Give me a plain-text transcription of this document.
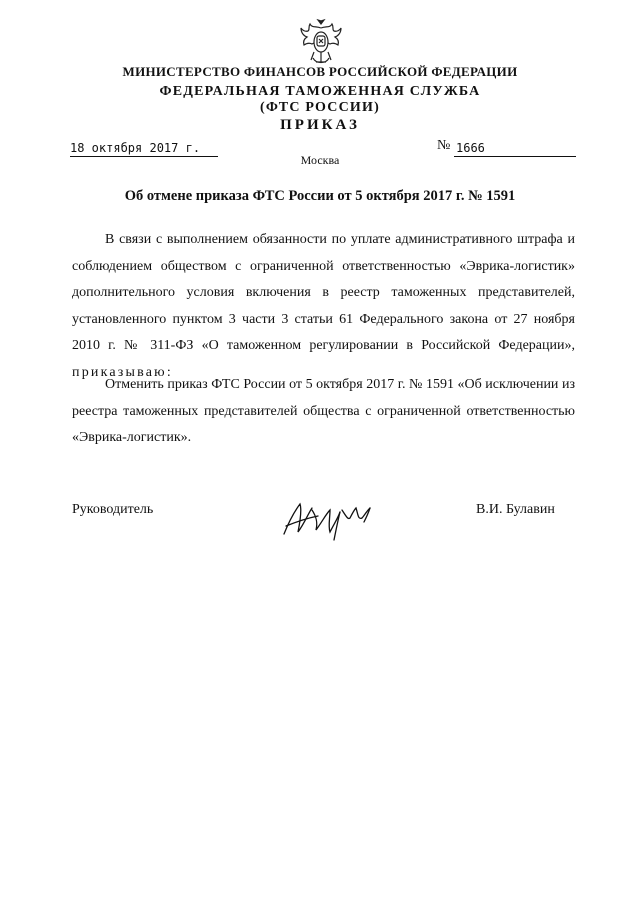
МИНИСТЕРСТВО ФИНАНСОВ РОССИЙСКОЙ ФЕДЕРАЦИИ
ФЕДЕРАЛЬНАЯ ТАМОЖЕННАЯ СЛУЖБА
(ФТС РОССИИ)
ПРИКАЗ
18 октября 2017 г.	№ 1666
Москва
Об отмене приказа ФТС России от 5 октября 2017 г. № 1591
В связи с выполнением обязанности по уплате административного штрафа и соблюдением обществом с ограниченной ответственностью «Эврика-логистик» дополнительного условия включения в реестр таможенных представителей, установленного пунктом 3 части 3 статьи 61 Федерального закона от 27 ноября 2010 г. № 311-ФЗ «О таможенном регулировании в Российской Федерации», приказываю:
Отменить приказ ФТС России от 5 октября 2017 г. № 1591 «Об исключении из реестра таможенных представителей общества с ограниченной ответственностью «Эврика-логистик».
Руководитель	В.И. Булавин
